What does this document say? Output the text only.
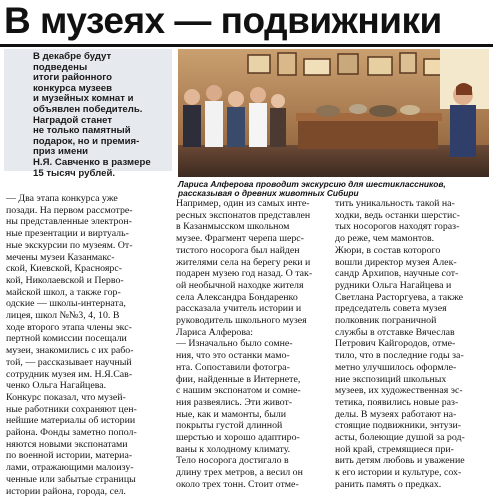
В музеях — подвижники
В декабре будут
подведены
итоги районного
конкурса музеев
и музейных комнат и
объявлен победитель.
Наградой станет
не только памятный
подарок, но и премия-
приз имени
Н.Я. Савченко в размере
15 тысяч рублей.
Лариса Алферова проводит экскурсию для шестиклассников,
рассказывая о древних животных Сибири
— Два этапа конкурса уже
позади. На первом рассмотре-
ны представленные электрон-
ные презентации и виртуаль-
ные экскурсии по музеям. От-
мечены музеи Казанмакс-
ской, Киевской, Красноярс-
кой, Николаевской и Перво-
майской школ, а также гор-
одские — школы-интерната,
лицея, школ №№3, 4, 10. В
ходе второго этапа члены экс-
пертной комиссии посещали
музеи, знакомились с их рабо-
той, — рассказывает научный
сотрудник музея им. Н.Я.Сав-
ченко Ольга Нагайцева.
Конкурс показал, что музей-
ные работники сохраняют цен-
нейшие материалы об истории
района. Фонды заметно попол-
няются новыми экспонатами
по военной истории, материа-
лами, отражающими малоизу-
ченные или забытые страницы
истории района, города, сел.
Например, один из самых инте-
ресных экспонатов представлен
в Казанмысском школьном
музее. Фрагмент черепа шерс-
тистого носорога был найден
жителями села на берегу реки и
подарен музею год назад. О так-
ой необычной находке жителя
села Александра Бондаренко
рассказала учитель истории и
руководитель школьного музея
Лариса Алферова:
— Изначально было сомне-
ния, что это останки мамо-
нта. Сопоставили фотогра-
фии, найденные в Интернете,
с нашим экспонатом и сомне-
ния развеялись. Эти живот-
ные, как и мамонты, были
покрыты густой длинной
шерстью и хорошо адаптиро-
ваны к холодному климату.
Тело носорога достигало в
длину трех метров, а весил он
около трех тонн. Стоит отме-
тить уникальность такой на-
ходки, ведь останки шерстис-
тых носорогов находят гораз-
до реже, чем мамонтов.
Жюри, в состав которого
вошли директор музея Алек-
сандр Архипов, научные сот-
рудники Ольга Нагайцева и
Светлана Расторгуева, а также
председатель совета музея
полковник пограничной
службы в отставке Вячеслав
Петрович Кайгородов, отме-
тило, что в последние годы за-
метно улучшилось оформле-
ние экспозиций школьных
музеев, их художественная эс-
тетика, появились новые раз-
делы. В музеях работают на-
стоящие подвижники, энтузи-
асты, болеющие душой за род-
ной край, стремящиеся при-
вить детям любовь и уважение
к его истории и культуре, сох-
ранить память о предках.
